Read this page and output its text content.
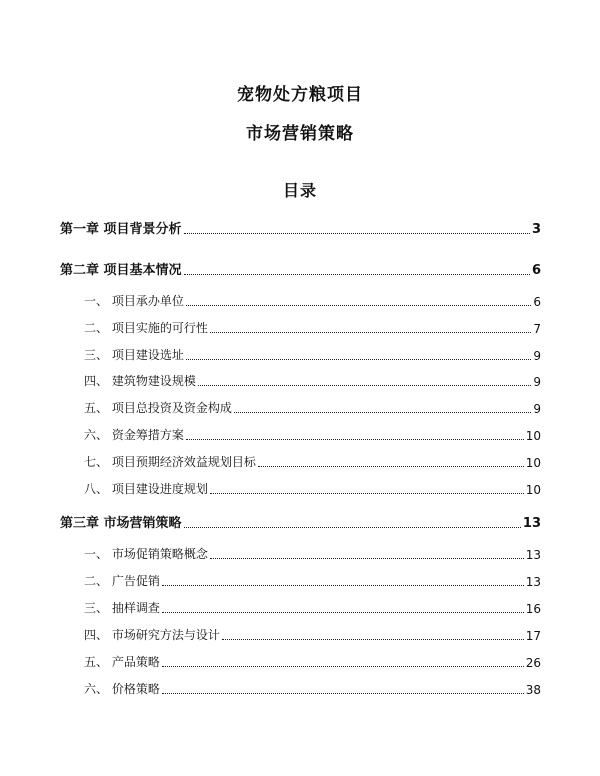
宠物处方粮项目
市场营销策略
目录
第一章 项目背景分析	3
第二章 项目基本情况	6
一、 项目承办单位	6
二、 项目实施的可行性	7
三、 项目建设选址	9
四、 建筑物建设规模	9
五、 项目总投资及资金构成	9
六、 资金筹措方案	10
七、 项目预期经济效益规划目标	10
八、 项目建设进度规划	10
第三章 市场营销策略	13
一、 市场促销策略概念	13
二、 广告促销	13
三、 抽样调查	16
四、 市场研究方法与设计	17
五、 产品策略	26
六、 价格策略	38
